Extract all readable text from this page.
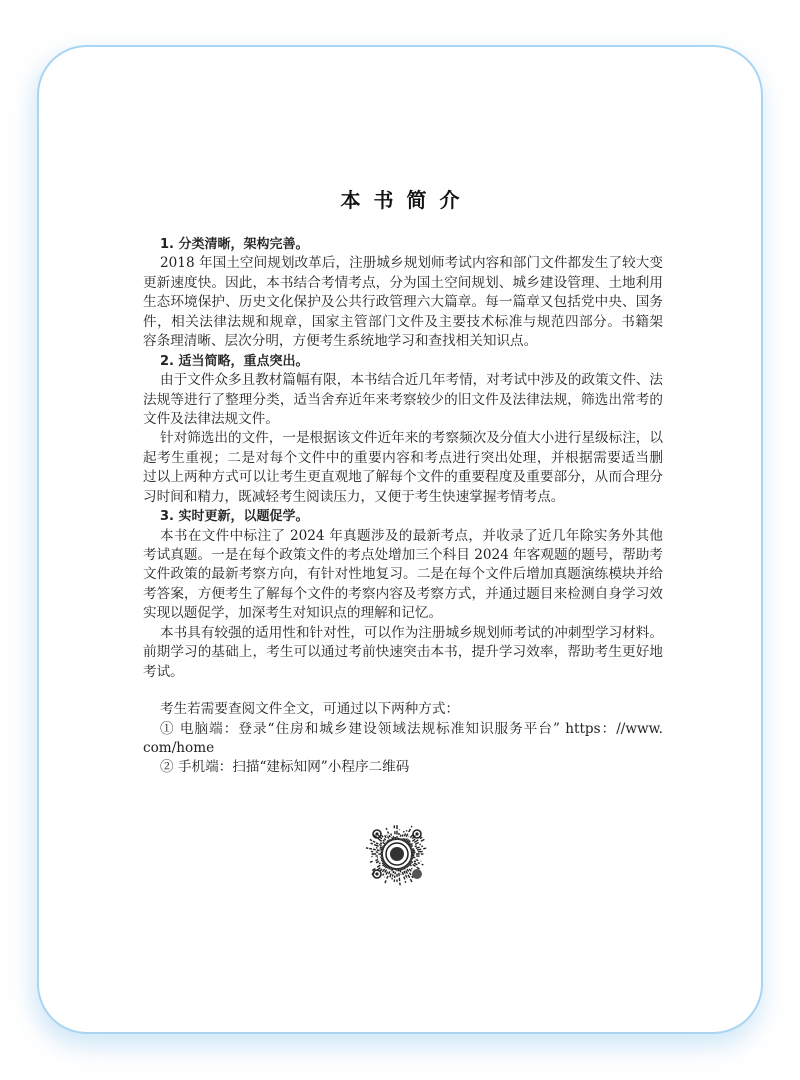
本书简介
1. 分类清晰，架构完善。
2018 年国土空间规划改革后，注册城乡规划师考试内容和部门文件都发生了较大变
更新速度快。因此，本书结合考情考点，分为国土空间规划、城乡建设管理、土地利用
生态环境保护、历史文化保护及公共行政管理六大篇章。每一篇章又包括党中央、国务
件，相关法律法规和规章，国家主管部门文件及主要技术标准与规范四部分。书籍架
容条理清晰、层次分明，方便考生系统地学习和查找相关知识点。
2. 适当简略，重点突出。
由于文件众多且教材篇幅有限，本书结合近几年考情，对考试中涉及的政策文件、法
法规等进行了整理分类，适当舍弃近年来考察较少的旧文件及法律法规，筛选出常考的
文件及法律法规文件。
针对筛选出的文件，一是根据该文件近年来的考察频次及分值大小进行星级标注，以
起考生重视；二是对每个文件中的重要内容和考点进行突出处理，并根据需要适当删
过以上两种方式可以让考生更直观地了解每个文件的重要程度及重要部分，从而合理分
习时间和精力，既减轻考生阅读压力，又便于考生快速掌握考情考点。
3. 实时更新，以题促学。
本书在文件中标注了 2024 年真题涉及的最新考点，并收录了近几年除实务外其他
考试真题。一是在每个政策文件的考点处增加三个科目 2024 年客观题的题号，帮助考
文件政策的最新考察方向，有针对性地复习。二是在每个文件后增加真题演练模块并给
考答案，方便考生了解每个文件的考察内容及考察方式，并通过题目来检测自身学习效
实现以题促学，加深考生对知识点的理解和记忆。
本书具有较强的适用性和针对性，可以作为注册城乡规划师考试的冲刺型学习材料。
前期学习的基础上，考生可以通过考前快速突击本书，提升学习效率，帮助考生更好地
考试。
考生若需要查阅文件全文，可通过以下两种方式：
① 电脑端：登录“住房和城乡建设领域法规标准知识服务平台” https：//www.
com/home
② 手机端：扫描“建标知网”小程序二维码
